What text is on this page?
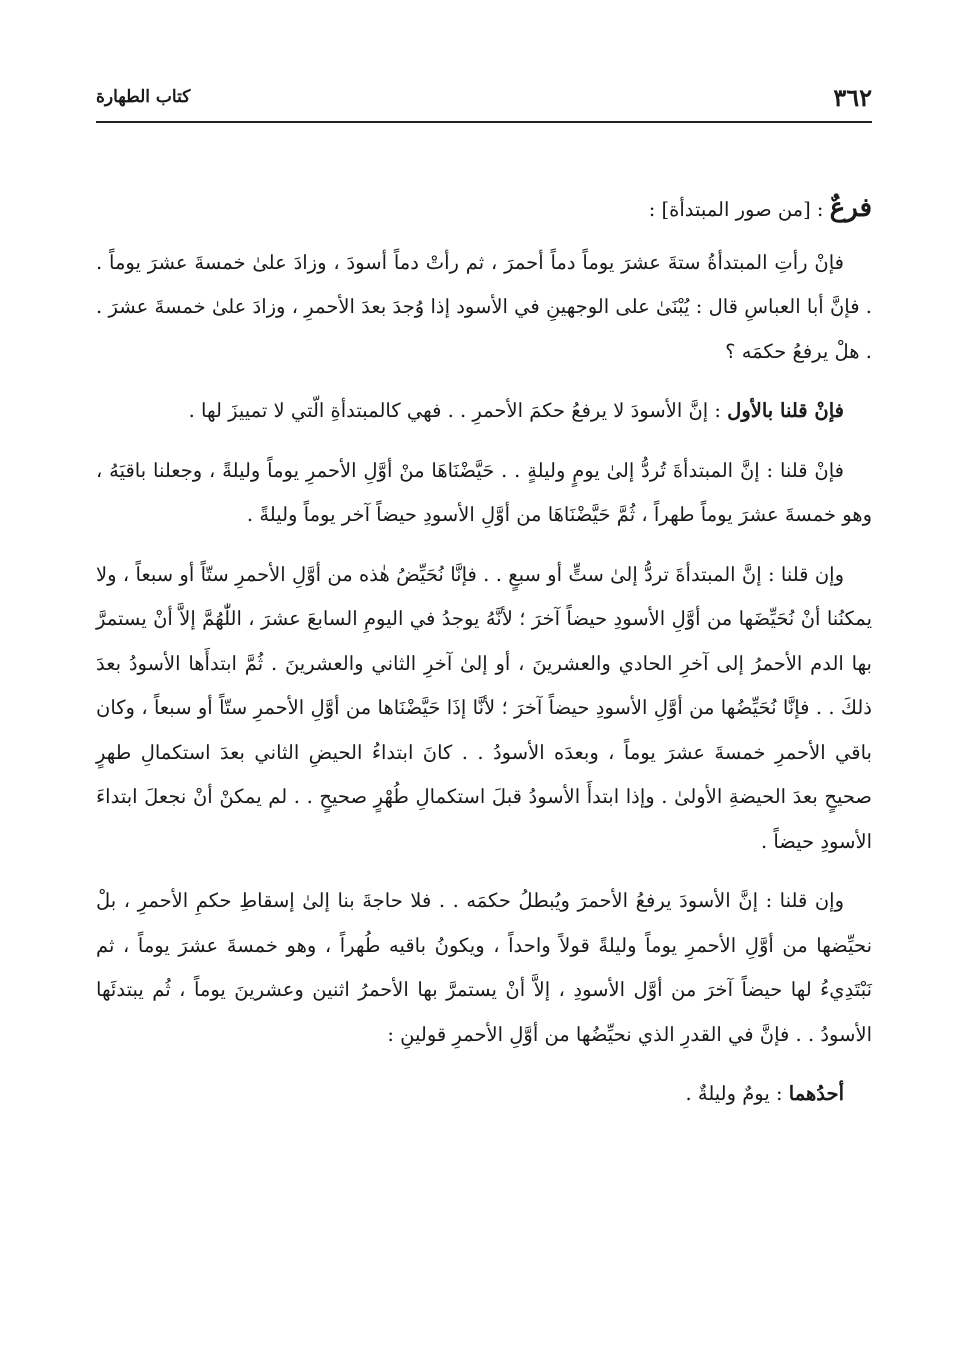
٣٦٢
كتاب الطهارة

فرعٌ : [من صور المبتدأة] :

فإنْ رأتِ المبتدأةُ ستةَ عشرَ يوماً دماً أحمرَ ، ثم رأتْ دماً أسودَ ، وزادَ علىٰ خمسةَ عشرَ يوماً . . فإنَّ أبا العباسِ قال : يُبْنَىٰ على الوجهينِ في الأسود إذا وُجدَ بعدَ الأحمرِ ، وزادَ علىٰ خمسةَ عشرَ . . هلْ يرفعُ حكمَه ؟

فإنْ قلنا بالأول : إنَّ الأسودَ لا يرفعُ حكمَ الأحمرِ . . فهي كالمبتدأةِ الّتي لا تمييزَ لها .

فإنْ قلنا : إنَّ المبتدأةَ تُردُّ إلىٰ يومٍ وليلةٍ . . حَيَّضْنَاهَا منْ أوَّلِ الأحمرِ يوماً وليلةً ، وجعلنا باقيَهُ ، وهو خمسةَ عشرَ يوماً طهراً ، ثُمَّ حَيَّضْنَاهَا من أوَّلِ الأسودِ حيضاً آخر يوماً وليلةً .

وإن قلنا : إنَّ المبتدأةَ تردُّ إلىٰ ستٍّ أو سبعٍ . . فإنَّا نُحَيِّضُ هٰذه من أوَّلِ الأحمرِ ستّاً أو سبعاً ، ولا يمكنُنا أنْ نُحَيِّضَها من أوَّلِ الأسودِ حيضاً آخرَ ؛ لأنَّهُ يوجدُ في اليومِ السابعَ عشرَ ، اللّٰهُمَّ إلاَّ أنْ يستمرَّ بها الدم الأحمرُ إلى آخرِ الحادي والعشرينَ ، أو إلىٰ آخرِ الثاني والعشرينَ . ثُمَّ ابتدأَها الأسودُ بعدَ ذلكَ . . فإنَّا نُحَيِّضُها من أوَّلِ الأسودِ حيضاً آخرَ ؛ لأنَّا إذَا حَيَّضْنَاها من أوَّلِ الأحمرِ ستّاً أو سبعاً ، وكان باقي الأحمرِ خمسةَ عشرَ يوماً ، وبعدَه الأسودُ . . كانَ ابتداءُ الحيضِ الثاني بعدَ استكمالِ طهرٍ صحيحٍ بعدَ الحيضةِ الأولىٰ . وإذا ابتدأَ الأسودُ قبلَ استكمالِ طُهْرٍ صحيحٍ . . لم يمكنْ أنْ نجعلَ ابتداءَ الأسودِ حيضاً .

وإن قلنا : إنَّ الأسودَ يرفعُ الأحمرَ ويُبطلُ حكمَه . . فلا حاجةَ بنا إلىٰ إسقاطِ حكمِ الأحمرِ ، بلْ نحيِّضها من أوَّلِ الأحمرِ يوماً وليلةً قولاً واحداً ، ويكونُ باقيه طُهراً ، وهو خمسةَ عشرَ يوماً ، ثم نَبْتَدِيءُ لها حيضاً آخرَ من أوَّل الأسودِ ، إلاَّ أنْ يستمرَّ بها الأحمرُ اثنين وعشرينَ يوماً ، ثُم يبتدئَها الأسودُ . . فإنَّ في القدرِ الذي نحيِّضُها من أوَّلِ الأحمرِ قولينِ :

أحدُهما : يومٌ وليلةٌ .
